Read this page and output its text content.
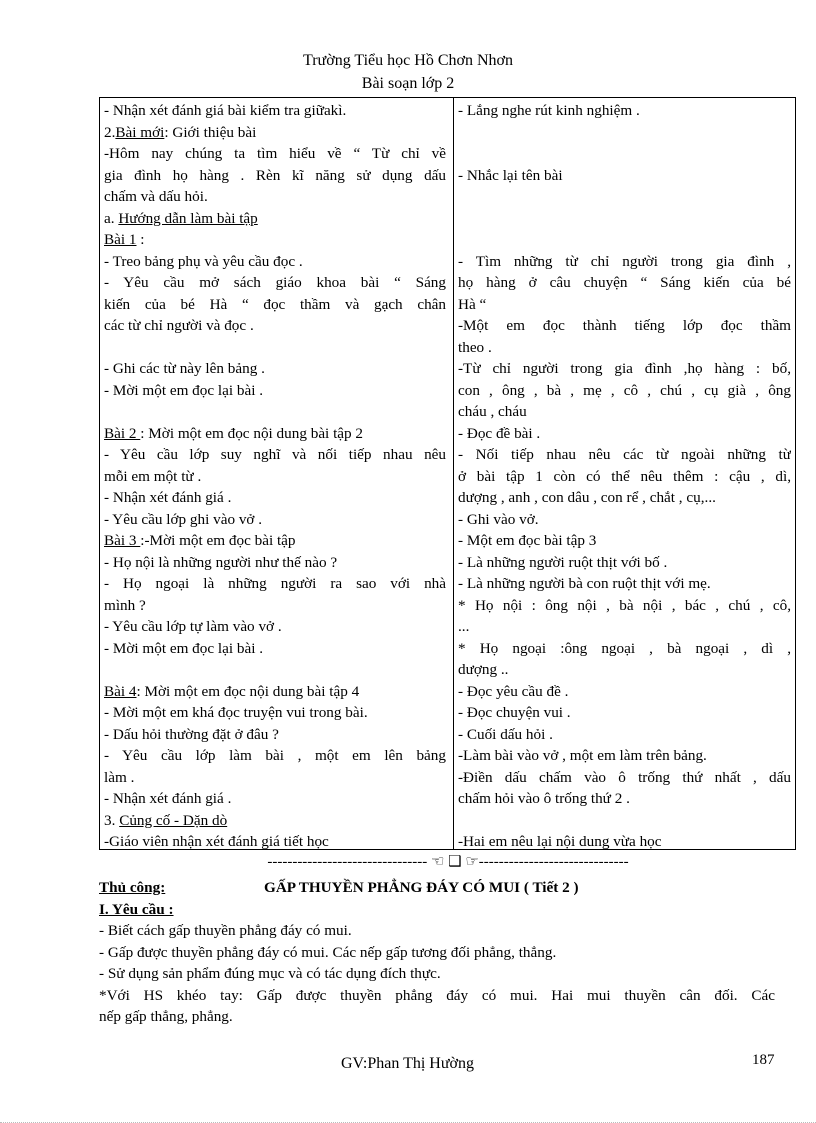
Trường Tiểu học Hồ Chơn Nhơn
Bài soạn lớp 2
- Nhận xét đánh giá bài kiểm tra giữakì.
2.Bài mới: Giới thiệu bài
-Hôm nay chúng ta tìm hiểu về “ Từ chỉ về
gia đình họ hàng . Rèn kĩ năng sử dụng dấu
chấm và dấu hỏi.
a. Hướng dẫn làm bài tập
Bài 1 :
- Treo bảng phụ và yêu cầu đọc .
- Yêu cầu mở sách giáo khoa bài “ Sáng
kiến của bé Hà “ đọc thầm và gạch chân
các từ chỉ người và đọc .
- Ghi các từ này lên bảng .
- Mời một em đọc lại bài .
Bài 2 : Mời một em đọc nội dung bài tập 2
- Yêu cầu lớp suy nghĩ và nối tiếp nhau nêu
mỗi em một từ .
- Nhận xét đánh giá .
- Yêu cầu lớp ghi vào vở .
Bài 3 :-Mời một em đọc bài tập
- Họ nội là những người như thế nào ?
- Họ ngoại là những người ra sao với nhà
mình ?
- Yêu cầu lớp tự làm vào vở .
- Mời một em đọc lại bài .
Bài 4: Mời một em đọc nội dung bài tập 4
- Mời một em khá đọc truyện vui trong bài.
- Dấu hỏi thường đặt ở đâu ?
- Yêu cầu lớp làm bài , một em lên bảng
làm .
- Nhận xét đánh giá .
3. Củng cố - Dặn dò
-Giáo viên nhận xét đánh giá tiết học
- Lắng nghe rút kinh nghiệm .
- Nhắc lại tên bài
- Tìm những từ chỉ người trong gia đình ,
họ hàng ở câu chuyện “ Sáng kiến của bé
Hà “
-Một em đọc thành tiếng lớp đọc thầm
theo .
-Từ chỉ người trong gia đình ,họ hàng : bố,
con , ông , bà , mẹ , cô , chú , cụ già , ông
cháu , cháu
- Đọc đề bài .
- Nối tiếp nhau nêu các từ ngoài những từ
ở bài tập 1 còn có thể nêu thêm : cậu , dì,
dượng , anh , con dâu , con rể , chắt , cụ,...
- Ghi vào vở.
- Một em đọc bài tập 3
- Là những người ruột thịt với bố .
- Là những người bà con ruột thịt với mẹ.
* Họ nội : ông nội , bà nội , bác , chú , cô,
...
* Họ ngoại :ông ngoại , bà ngoại , dì ,
dượng ..
- Đọc yêu cầu đề .
- Đọc chuyện vui .
- Cuối dấu hỏi .
-Làm bài vào vở , một em làm trên bảng.
-Điền dấu chấm vào ô trống thứ nhất , dấu
chấm hỏi vào ô trống thứ 2 .
-Hai em nêu lại nội dung vừa học
-------------------------------- ☜ ❑ ☞------------------------------
Thủ công:	GẤP THUYỀN PHẲNG ĐÁY CÓ MUI ( Tiết 2 )
I. Yêu cầu :
- Biết cách gấp thuyền phẳng đáy có mui.
- Gấp được thuyền phẳng đáy có mui. Các nếp gấp tương đối phẳng, thẳng.
- Sử dụng sản phẩm đúng mục và có tác dụng đích thực.
*Với HS khéo tay: Gấp được thuyền phẳng đáy có mui. Hai mui thuyền cân đối. Các
nếp gấp thẳng, phẳng.
GV:Phan Thị Hường	187
